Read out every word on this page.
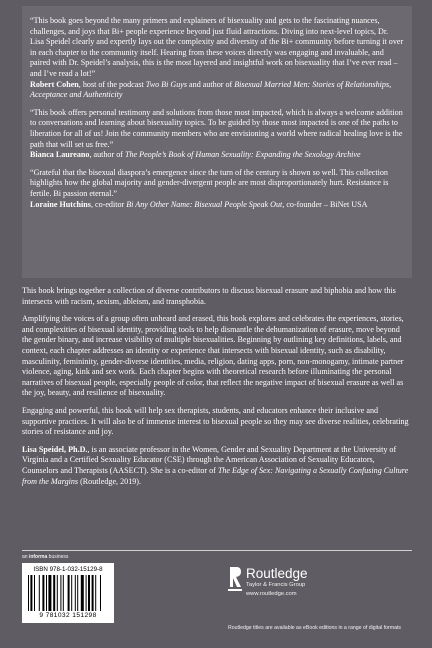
“This book goes beyond the many primers and explainers of bisexuality and gets to the fascinating nuances, challenges, and joys that Bi+ people experience beyond just fluid attractions. Diving into next-level topics, Dr. Lisa Speidel clearly and expertly lays out the complexity and diversity of the Bi+ community before turning it over in each chapter to the community itself. Hearing from these voices directly was engaging and invaluable, and paired with Dr. Speidel’s analysis, this is the most layered and insightful work on bisexuality that I’ve ever read – and I’ve read a lot!”

Robert Cohen, host of the podcast Two Bi Guys and author of Bisexual Married Men: Stories of Relationships, Acceptance and Authenticity

“This book offers personal testimony and solutions from those most impacted, which is always a welcome addition to conversations and learning about bisexuality topics. To be guided by those most impacted is one of the paths to liberation for all of us! Join the community members who are envisioning a world where radical healing love is the path that will set us free.”

Bianca Laureano, author of The People’s Book of Human Sexuality: Expanding the Sexology Archive

“Grateful that the bisexual diaspora’s emergence since the turn of the century is shown so well. This collection highlights how the global majority and gender-divergent people are most disproportionately hurt. Resistance is fertile. Bi passion eternal.”

Loraine Hutchins, co-editor Bi Any Other Name: Bisexual People Speak Out, co-founder – BiNet USA

This book brings together a collection of diverse contributors to discuss bisexual erasure and biphobia and how this intersects with racism, sexism, ableism, and transphobia.

Amplifying the voices of a group often unheard and erased, this book explores and celebrates the experiences, stories, and complexities of bisexual identity, providing tools to help dismantle the dehumanization of erasure, move beyond the gender binary, and increase visibility of multiple bisexualities. Beginning by outlining key definitions, labels, and context, each chapter addresses an identity or experience that intersects with bisexual identity, such as disability, masculinity, femininity, gender-diverse identities, media, religion, dating apps, porn, non-monogamy, intimate partner violence, aging, kink and sex work. Each chapter begins with theoretical research before illuminating the personal narratives of bisexual people, especially people of color, that reflect the negative impact of bisexual erasure as well as the joy, beauty, and resilience of bisexuality.

Engaging and powerful, this book will help sex therapists, students, and educators enhance their inclusive and supportive practices. It will also be of immense interest to bisexual people so they may see diverse realities, celebrating stories of resistance and joy.

Lisa Speidel, Ph.D., is an associate professor in the Women, Gender and Sexuality Department at the University of Virginia and a Certified Sexuality Educator (CSE) through the American Association of Sexuality Educators, Counselors and Therapists (AASECT). She is a co-editor of The Edge of Sex: Navigating a Sexually Confusing Culture from the Margins (Routledge, 2019).

an informa business

ISBN 978-1-032-15129-8

9 781032 151298

Routledge

Taylor & Francis Group

www.routledge.com

Routledge titles are available as eBook editions in a range of digital formats
